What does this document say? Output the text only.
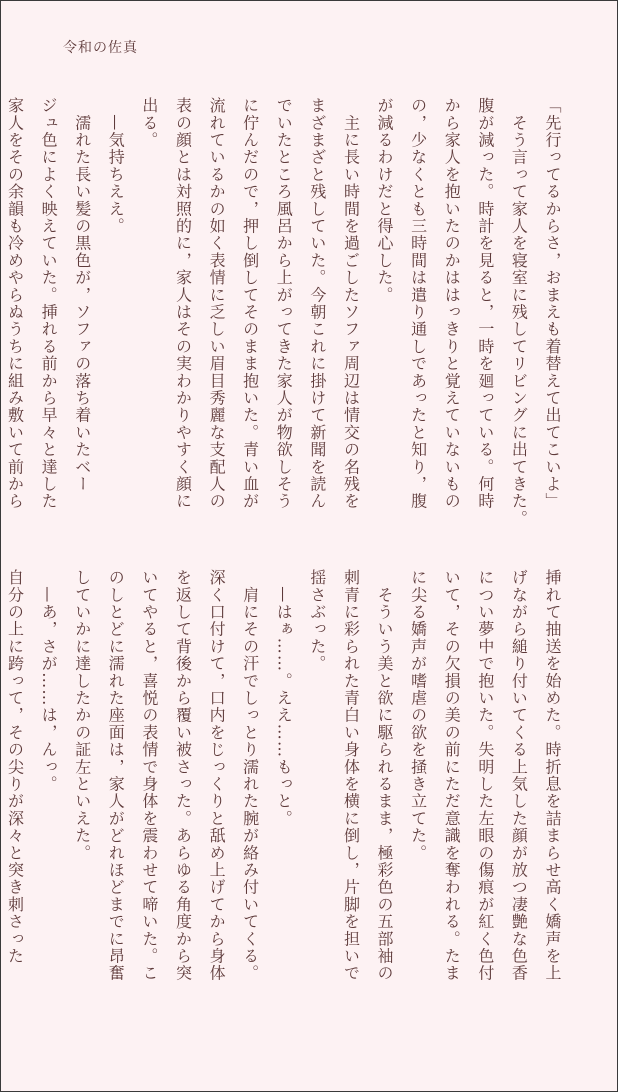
令和の佐真
「先行ってるからさ，おまえも着替えて出てこいよ」
　そう言って家人を寝室に残してリビングに出てきた。
腹が減った。時計を見ると，一時を廻っている。何時
から家人を抱いたのかははっきりと覚えていないもの
の，少なくとも三時間は遣り通しであったと知り，腹
が減るわけだと得心した。
　主に長い時間を過ごしたソファ周辺は情交の名残を
まざまざと残していた。今朝これに掛けて新聞を読ん
でいたところ風呂から上がってきた家人が物欲しそう
に佇んだので，押し倒してそのまま抱いた。青い血が
流れているかの如く表情に乏しい眉目秀麗な支配人の
表の顔とは対照的に，家人はその実わかりやすく顔に
出る。
　—気持ちええ。
　濡れた長い髪の黒色が，ソファの落ち着いたベー
ジュ色によく映えていた。挿れる前から早々と達した
家人をその余韻も冷めやらぬうちに組み敷いて前から
挿れて抽送を始めた。時折息を詰まらせ高く嬌声を上
げながら縋り付いてくる上気した顔が放つ凄艶な色香
につい夢中で抱いた。失明した左眼の傷痕が紅く色付
いて，その欠損の美の前にただ意識を奪われる。たま
に尖る嬌声が嗜虐の欲を掻き立てた。
　そういう美と欲に駆られるまま，極彩色の五部袖の
刺青に彩られた青白い身体を横に倒し，片脚を担いで
揺さぶった。
　—はぁ……。ええ……もっと。
　肩にその汗でしっとり濡れた腕が絡み付いてくる。
深く口付けて，口内をじっくりと舐め上げてから身体
を返して背後から覆い被さった。あらゆる角度から突
いてやると，喜悦の表情で身体を震わせて啼いた。こ
のしとどに濡れた座面は，家人がどれほどまでに昂奮
していかに達したかの証左といえた。
　—あ，さが……は，んっ。
自分の上に跨って，その尖りが深々と突き刺さった
